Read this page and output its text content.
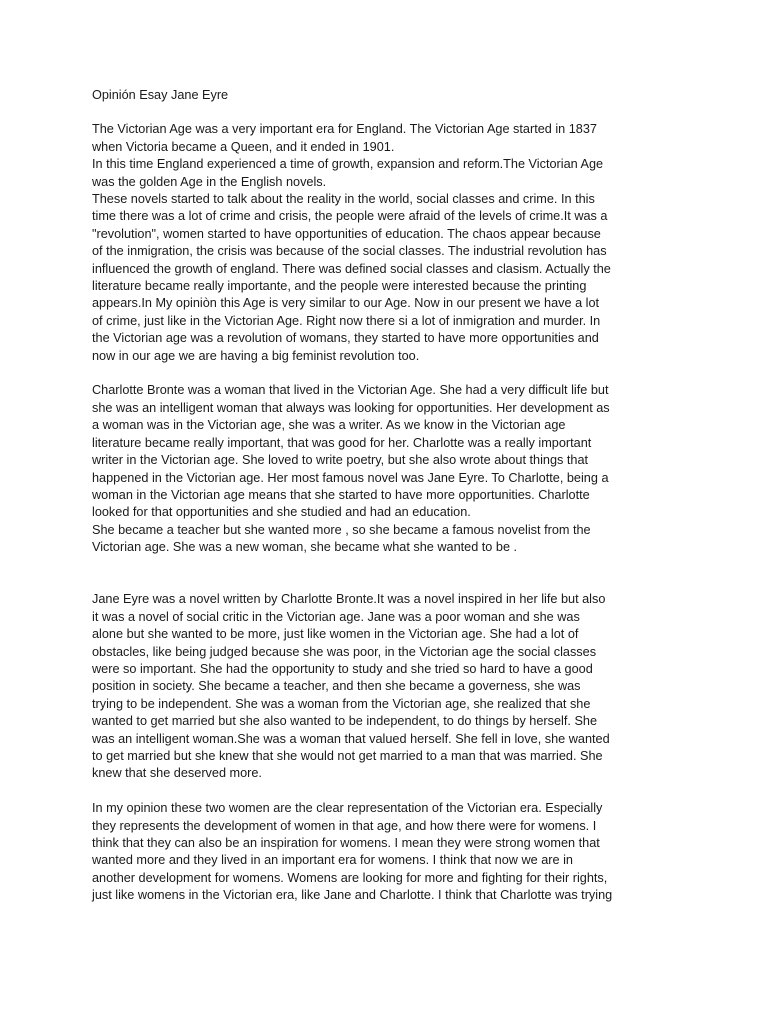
Opinión Esay Jane Eyre

The Victorian Age was a very important era for England. The Victorian Age started in 1837
when Victoria became a Queen, and it ended in 1901.
In this time England experienced a time of growth, expansion and reform.The Victorian Age
was the golden Age in the English novels.
These novels started to talk about the reality in the world, social classes and crime. In this
time there was a lot of crime and crisis, the people were afraid of the levels of crime.It was a
"revolution", women started to have opportunities of education. The chaos appear because
of the inmigration, the crisis was because of the social classes. The industrial revolution has
influenced the growth of england. There was defined social classes and clasism. Actually the
literature became really importante, and the people were interested because the printing
appears.In My opiniòn this Age is very similar to our Age. Now in our present we have a lot
of crime, just like in the Victorian Age. Right now there si a lot of inmigration and murder. In
the Victorian age was a revolution of womans, they started to have more opportunities and
now in our age we are having a big feminist revolution too.

Charlotte Bronte was a woman that lived in the Victorian Age. She had a very difficult life but
she was an intelligent woman that always was looking for opportunities. Her development as
a woman was in the Victorian age, she was a writer. As we know in the Victorian age
literature became really important, that was good for her. Charlotte was a really important
writer in the Victorian age. She loved to write poetry, but she also wrote about things that
happened in the Victorian age. Her most famous novel was Jane Eyre. To Charlotte, being a
woman in the Victorian age means that she started to have more opportunities. Charlotte
looked for that opportunities and she studied and had an education.
She became a teacher but she wanted more , so she became a famous novelist from the
Victorian age. She was a new woman, she became what she wanted to be .

Jane Eyre was a novel written by Charlotte Bronte.It was a novel inspired in her life but also
it was a novel of social critic in the Victorian age. Jane was a poor woman and she was
alone but she wanted to be more, just like women in the Victorian age. She had a lot of
obstacles, like being judged because she was poor, in the Victorian age the social classes
were so important. She had the opportunity to study and she tried so hard to have a good
position in society. She became a teacher, and then she became a governess, she was
trying to be independent. She was a woman from the Victorian age, she realized that she
wanted to get married but she also wanted to be independent, to do things by herself. She
was an intelligent woman.She was a woman that valued herself. She fell in love, she wanted
to get married but she knew that she would not get married to a man that was married. She
knew that she deserved more.

In my opinion these two women are the clear representation of the Victorian era. Especially
they represents the development of women in that age, and how there were for womens. I
think that they can also be an inspiration for womens. I mean they were strong women that
wanted more and they lived in an important era for womens. I think that now we are in
another development for womens. Womens are looking for more and fighting for their rights,
just like womens in the Victorian era, like Jane and Charlotte. I think that Charlotte was trying
